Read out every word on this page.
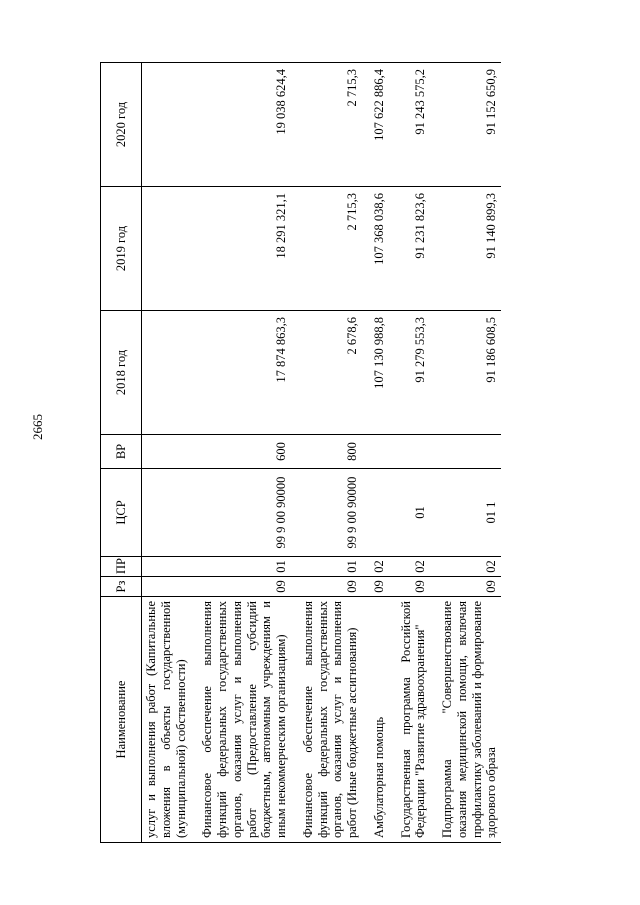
2665
Наименование	Рз	ПР	ЦСР	ВР	2018 год	2019 год	2020 год
услуг и выполнения работ (Капитальные вложения в объекты государственной (муниципальной) собственности)							

Финансовое обеспечение выполнения функций федеральных государственных органов, оказания услуг и выполнения работ (Предоставление субсидий бюджетным, автономным учреждениям и иным некоммерческим организациям)	09	01	99 9 00 90000	600	17 874 863,3	18 291 321,1	19 038 624,4

Финансовое обеспечение выполнения функций федеральных государственных органов, оказания услуг и выполнения работ (Иные бюджетные ассигнования)	09	01	99 9 00 90000	800	2 678,6	2 715,3	2 715,3

Амбулаторная помощь	09	02			107 130 988,8	107 368 038,6	107 622 886,4

Государственная программа Российской Федерации "Развитие здравоохранения"	09	02	01		91 279 553,3	91 231 823,6	91 243 575,2

Подпрограмма "Совершенствование оказания медицинской помощи, включая профилактику заболеваний и формирование здорового образа	09	02	01 1		91 186 608,5	91 140 899,3	91 152 650,9
